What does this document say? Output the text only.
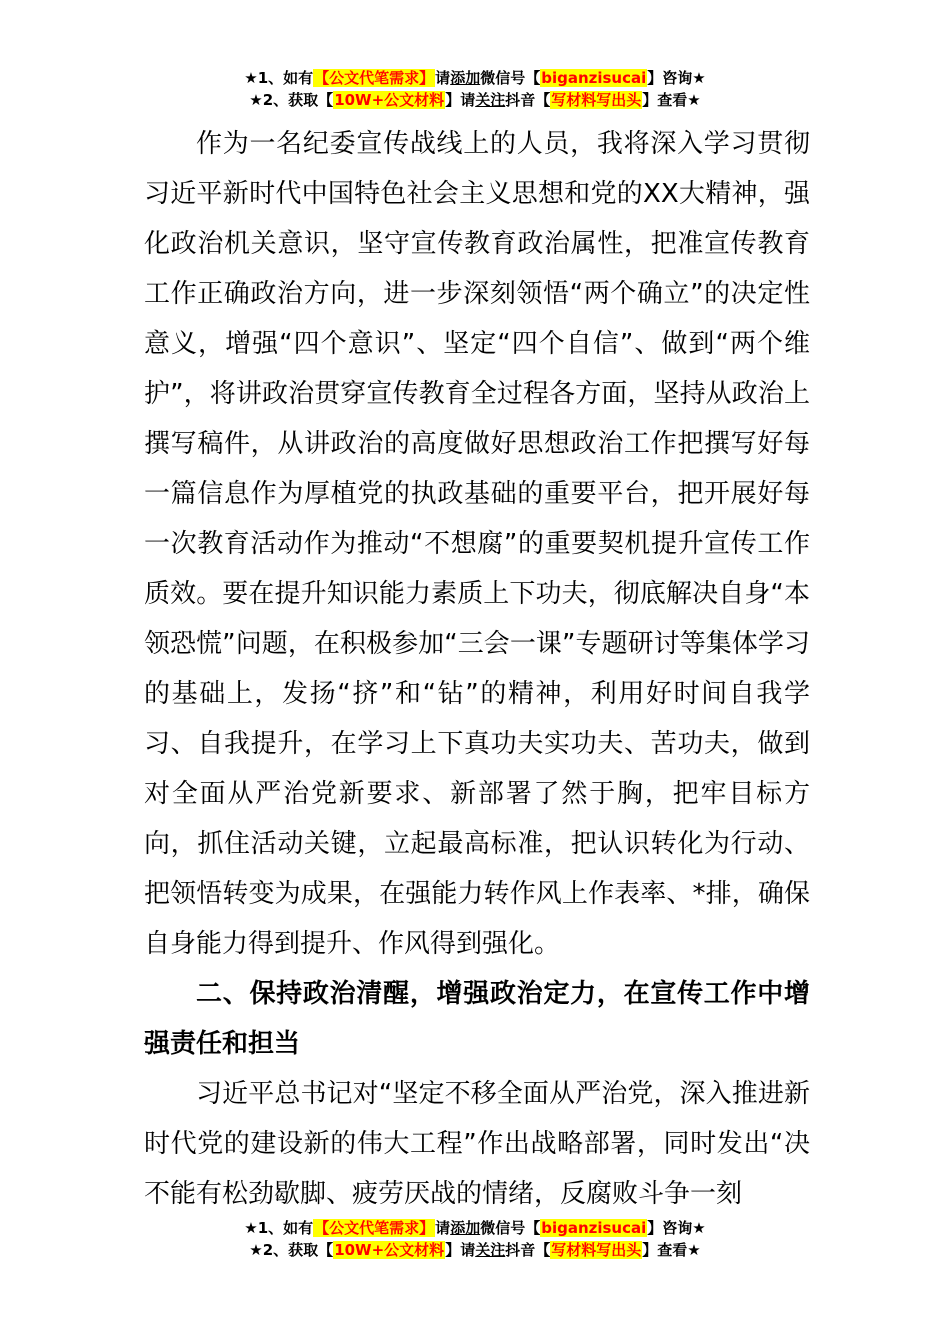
★1、如有【公文代笔需求】请添加微信号【biganzisucai】咨询★
★2、获取【10W+公文材料】请关注抖音【写材料写出头】查看★

作为一名纪委宣传战线上的人员，我将深入学习贯彻习近平新时代中国特色社会主义思想和党的XX大精神，强化政治机关意识，坚守宣传教育政治属性，把准宣传教育工作正确政治方向，进一步深刻领悟“两个确立”的决定性意义，增强“四个意识”、坚定“四个自信”、做到“两个维护”，将讲政治贯穿宣传教育全过程各方面，坚持从政治上撰写稿件，从讲政治的高度做好思想政治工作把撰写好每一篇信息作为厚植党的执政基础的重要平台，把开展好每一次教育活动作为推动“不想腐”的重要契机提升宣传工作质效。要在提升知识能力素质上下功夫，彻底解决自身“本领恐慌”问题，在积极参加“三会一课”专题研讨等集体学习的基础上，发扬“挤”和“钻”的精神，利用好时间自我学习、自我提升，在学习上下真功夫实功夫、苦功夫，做到对全面从严治党新要求、新部署了然于胸，把牢目标方向，抓住活动关键，立起最高标准，把认识转化为行动、把领悟转变为成果，在强能力转作风上作表率、*排，确保自身能力得到提升、作风得到强化。

二、保持政治清醒，增强政治定力，在宣传工作中增强责任和担当

习近平总书记对“坚定不移全面从严治党，深入推进新时代党的建设新的伟大工程”作出战略部署，同时发出“决不能有松劲歇脚、疲劳厌战的情绪，反腐败斗争一刻

★1、如有【公文代笔需求】请添加微信号【biganzisucai】咨询★
★2、获取【10W+公文材料】请关注抖音【写材料写出头】查看★
